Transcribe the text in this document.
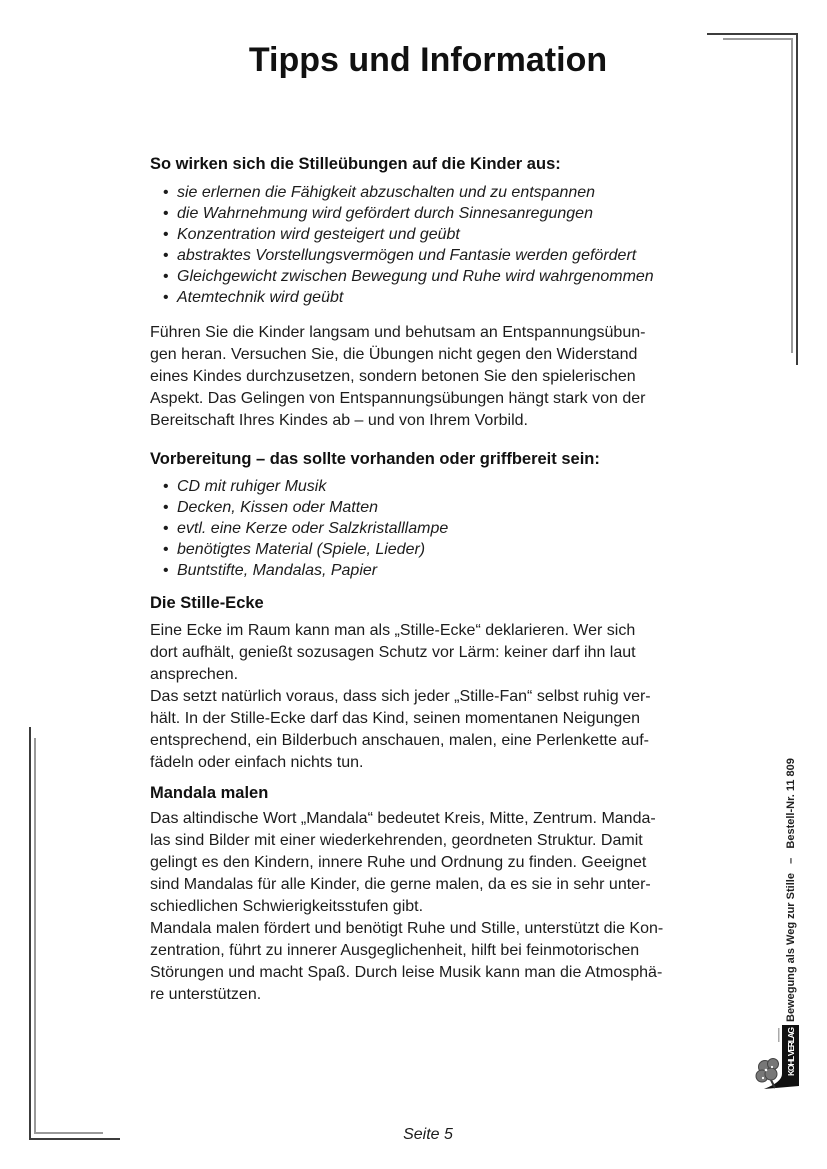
Tipps und Information
So wirken sich die Stilleübungen auf die Kinder aus:
• sie erlernen die Fähigkeit abzuschalten und zu entspannen
• die Wahrnehmung wird gefördert durch Sinnesanregungen
• Konzentration wird gesteigert und geübt
• abstraktes Vorstellungsvermögen und Fantasie werden gefördert
• Gleichgewicht zwischen Bewegung und Ruhe wird wahrgenommen
• Atemtechnik wird geübt
Führen Sie die Kinder langsam und behutsam an Entspannungsübun-
gen heran. Versuchen Sie, die Übungen nicht gegen den Widerstand
eines Kindes durchzusetzen, sondern betonen Sie den spielerischen
Aspekt. Das Gelingen von Entspannungsübungen hängt stark von der
Bereitschaft Ihres Kindes ab – und von Ihrem Vorbild.
Vorbereitung – das sollte vorhanden oder griffbereit sein:
• CD mit ruhiger Musik
• Decken, Kissen oder Matten
• evtl. eine Kerze oder Salzkristalllampe
• benötigtes Material (Spiele, Lieder)
• Buntstifte, Mandalas, Papier
Die Stille-Ecke
Eine Ecke im Raum kann man als „Stille-Ecke“ deklarieren. Wer sich
dort aufhält, genießt sozusagen Schutz vor Lärm: keiner darf ihn laut
ansprechen.
Das setzt natürlich voraus, dass sich jeder „Stille-Fan“ selbst ruhig ver-
hält. In der Stille-Ecke darf das Kind, seinen momentanen Neigungen
entsprechend, ein Bilderbuch anschauen, malen, eine Perlenkette auf-
fädeln oder einfach nichts tun.
Mandala malen
Das altindische Wort „Mandala“ bedeutet Kreis, Mitte, Zentrum. Manda-
las sind Bilder mit einer wiederkehrenden, geordneten Struktur. Damit
gelingt es den Kindern, innere Ruhe und Ordnung zu finden. Geeignet
sind Mandalas für alle Kinder, die gerne malen, da es sie in sehr unter-
schiedlichen Schwierigkeitsstufen gibt.
Mandala malen fördert und benötigt Ruhe und Stille, unterstützt die Kon-
zentration, führt zu innerer Ausgeglichenheit, hilft bei feinmotorischen
Störungen und macht Spaß. Durch leise Musik kann man die Atmosphä-
re unterstützen.	Bewegung als Weg zur Stille   –   Bestell-Nr. 11 809
KOHL VERLAG
Seite 5
